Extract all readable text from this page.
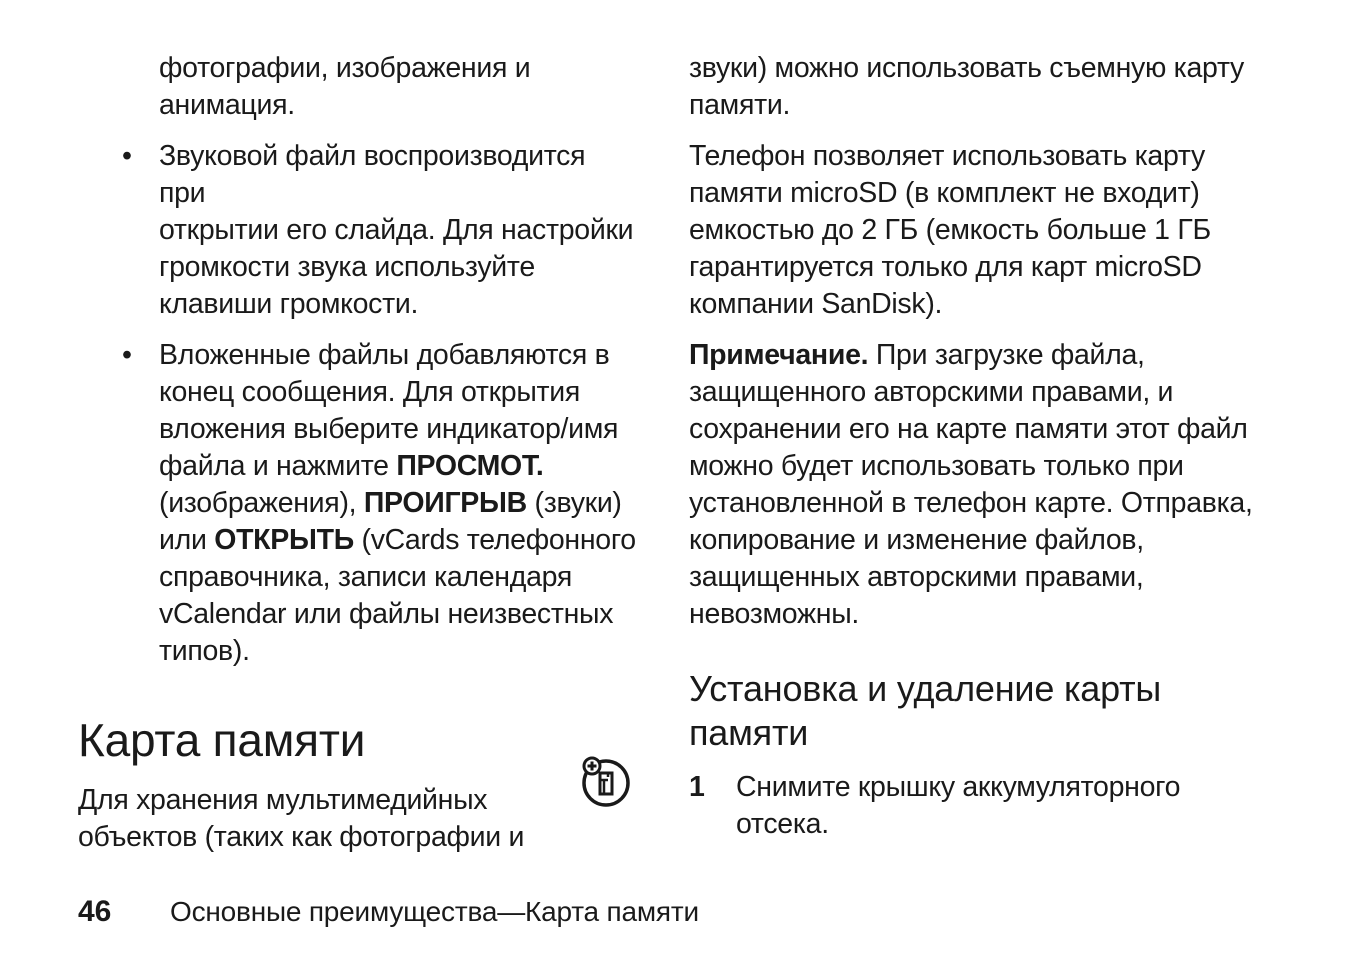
фотографии, изображения и
анимация.

• Звуковой файл воспроизводится при
открытии его слайда. Для настройки
громкости звука используйте
клавиши громкости.
• Вложенные файлы добавляются в
конец сообщения. Для открытия
вложения выберите индикатор/имя
файла и нажмите ПРОСМОТ.
(изображения), ПРОИГРЫВ (звуки)
или ОТКРЫТЬ (vCards телефонного
справочника, записи календаря
vCalendar или файлы неизвестных
типов).
Карта памяти

Для хранения мультимедийных
объектов (таких как фотографии и

звуки) можно использовать съемную карту
памяти.

Телефон позволяет использовать карту
памяти microSD (в комплект не входит)
емкостью до 2 ГБ (емкость больше 1 ГБ
гарантируется только для карт microSD
компании SanDisk).

Примечание. При загрузке файла,
защищенного авторскими правами, и
сохранении его на карте памяти этот файл
можно будет использовать только при
установленной в телефон карте. Отправка,
копирование и изменение файлов,
защищенных авторскими правами,
невозможны.

Установка и удаление карты
памяти
1 Снимите крышку аккумуляторного
отсека.
46 Основные преимущества—Карта памяти
